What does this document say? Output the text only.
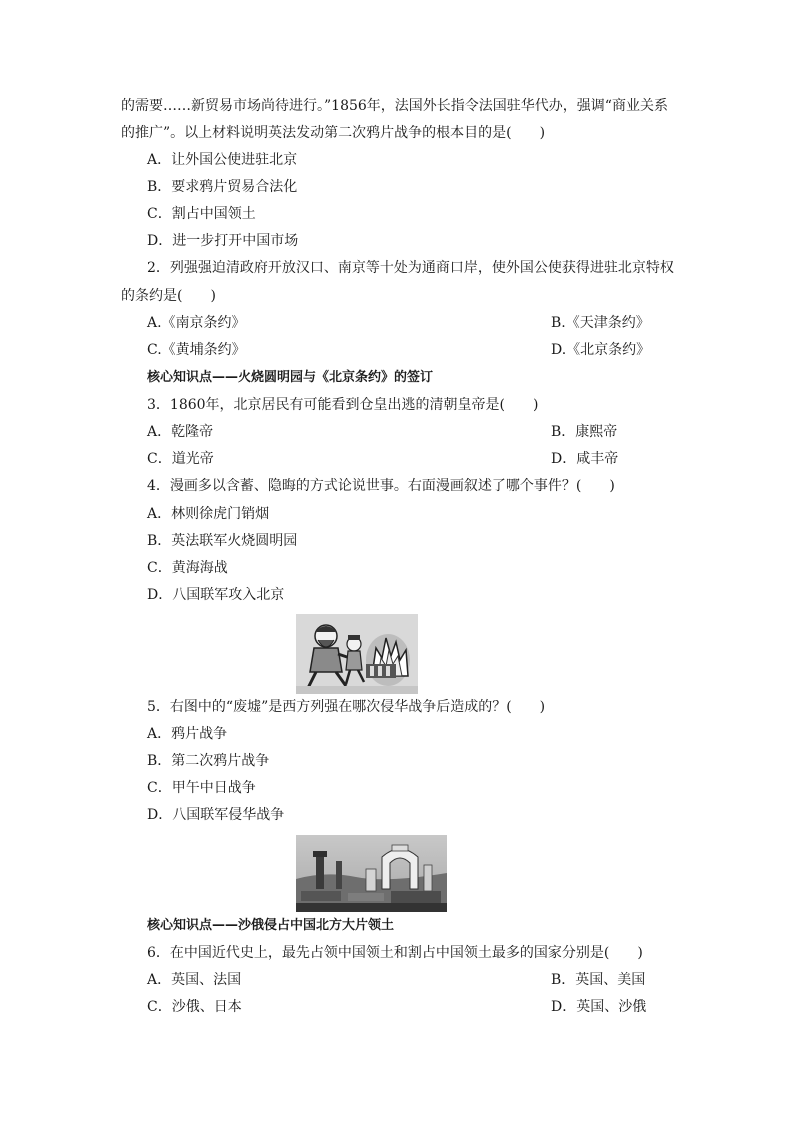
的需要……新贸易市场尚待进行。”1856年，法国外长指令法国驻华代办，强调“商业关系
的推广”。以上材料说明英法发动第二次鸦片战争的根本目的是(　　)
A．让外国公使进驻北京
B．要求鸦片贸易合法化
C．割占中国领土
D．进一步打开中国市场
2．列强强迫清政府开放汉口、南京等十处为通商口岸，使外国公使获得进驻北京特权
的条约是(　　)
A.《南京条约》	B.《天津条约》
C.《黄埔条约》	D.《北京条约》
核心知识点——火烧圆明园与《北京条约》的签订
3．1860年，北京居民有可能看到仓皇出逃的清朝皇帝是(　　)
A．乾隆帝	B．康熙帝
C．道光帝	D．咸丰帝
4．漫画多以含蓄、隐晦的方式论说世事。右面漫画叙述了哪个事件？(　　)
A．林则徐虎门销烟
B．英法联军火烧圆明园
C．黄海海战
D．八国联军攻入北京
5．右图中的“废墟”是西方列强在哪次侵华战争后造成的？(　　)
A．鸦片战争
B．第二次鸦片战争
C．甲午中日战争
D．八国联军侵华战争
核心知识点——沙俄侵占中国北方大片领土
6．在中国近代史上，最先占领中国领土和割占中国领土最多的国家分别是(　　)
A．英国、法国	B．英国、美国
C．沙俄、日本	D．英国、沙俄
